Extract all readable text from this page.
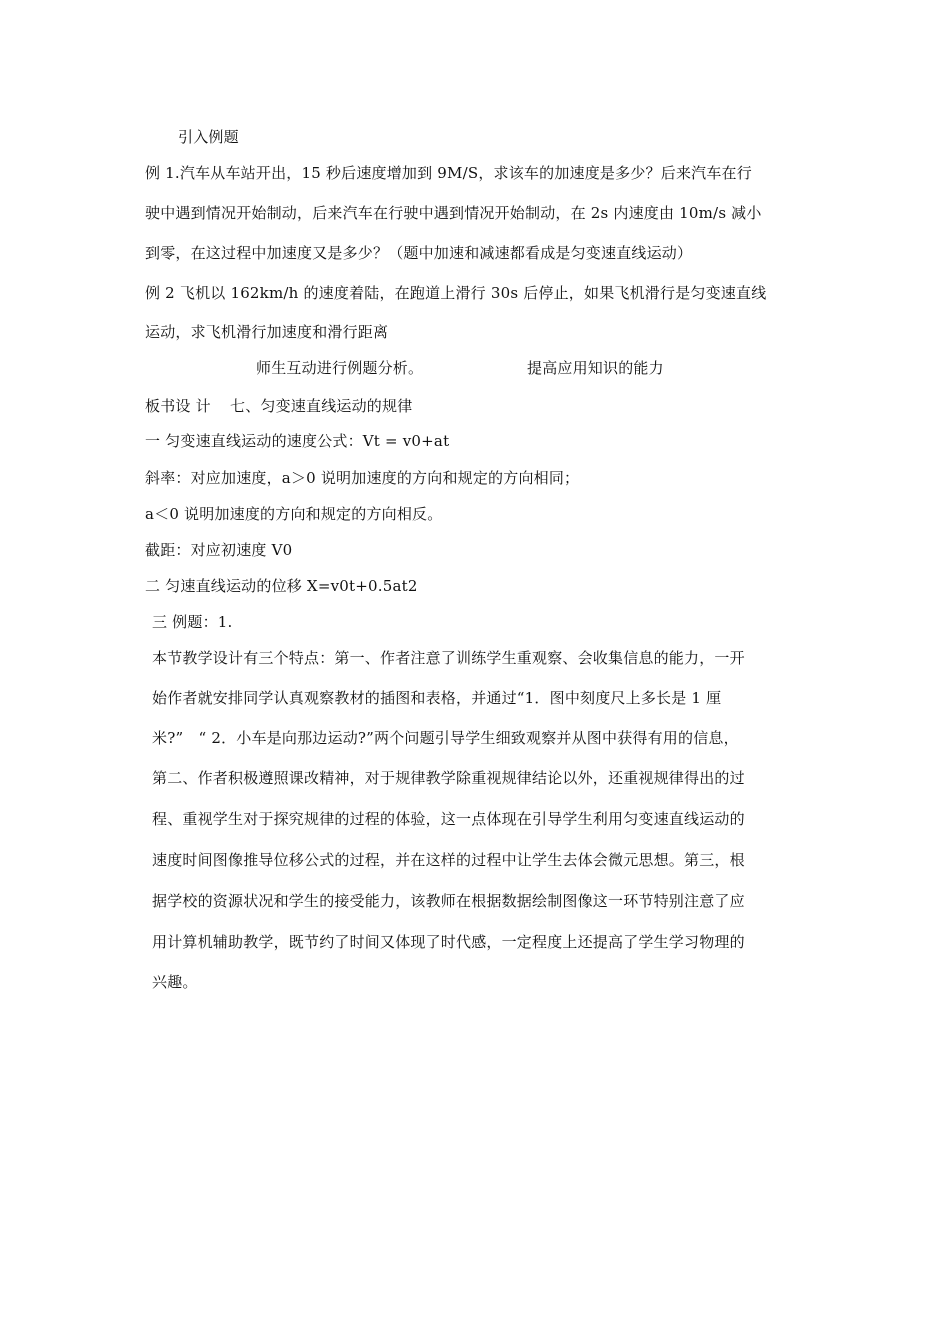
引入例题
例 1.汽车从车站开出，15 秒后速度增加到 9M/S，求该车的加速度是多少？后来汽车在行
驶中遇到情况开始制动，后来汽车在行驶中遇到情况开始制动，在 2s 内速度由 10m/s 减小
到零，在这过程中加速度又是多少？（题中加速和减速都看成是匀变速直线运动）
例 2 飞机以 162km/h 的速度着陆，在跑道上滑行 30s 后停止，如果飞机滑行是匀变速直线
运动，求飞机滑行加速度和滑行距离
师生互动进行例题分析。	提高应用知识的能力
板书设 计 七、匀变速直线运动的规律
一 匀变速直线运动的速度公式：Vt = v0+at
斜率：对应加速度，a＞0 说明加速度的方向和规定的方向相同；
a＜0 说明加速度的方向和规定的方向相反。
截距：对应初速度 V0
二 匀速直线运动的位移 X=v0t+0.5at2
三 例题：1.
本节教学设计有三个特点：第一、作者注意了训练学生重观察、会收集信息的能力，一开
始作者就安排同学认真观察教材的插图和表格，并通过“1．图中刻度尺上多长是 1 厘
米?”　“ 2．小车是向那边运动?”两个问题引导学生细致观察并从图中获得有用的信息，
第二、作者积极遵照课改精神，对于规律教学除重视规律结论以外，还重视规律得出的过
程、重视学生对于探究规律的过程的体验，这一点体现在引导学生利用匀变速直线运动的
速度时间图像推导位移公式的过程，并在这样的过程中让学生去体会微元思想。第三，根
据学校的资源状况和学生的接受能力，该教师在根据数据绘制图像这一环节特别注意了应
用计算机辅助教学，既节约了时间又体现了时代感，一定程度上还提高了学生学习物理的
兴趣。
